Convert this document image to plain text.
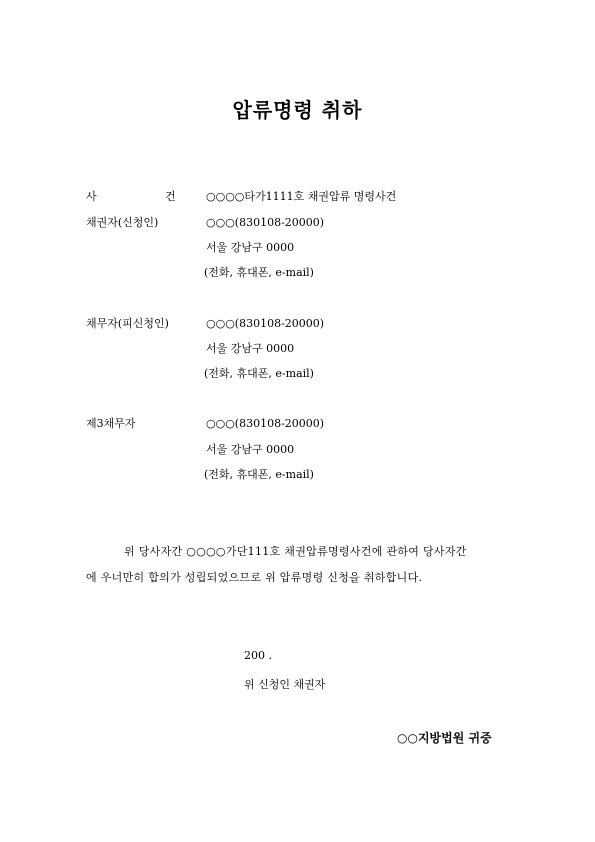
압류명령 취하
사	건	○○○○타가1111호 채권압류 명령사건
채권자(신청인)	○○○(830108-20000)
서울 강남구 0000
(전화, 휴대폰, e-mail)
채무자(피신청인)	○○○(830108-20000)
서울 강남구 0000
(전화, 휴대폰, e-mail)
제3채무자	○○○(830108-20000)
서울 강남구 0000
(전화, 휴대폰, e-mail)
위 당사자간 ○○○○가단111호 채권압류명령사건에 관하여 당사자간
에 우너만히 합의가 성립되었으므로 위 압류명령 신청을 취하합니다.
200 .
위 신청인 채권자
○○지방법원 귀중
